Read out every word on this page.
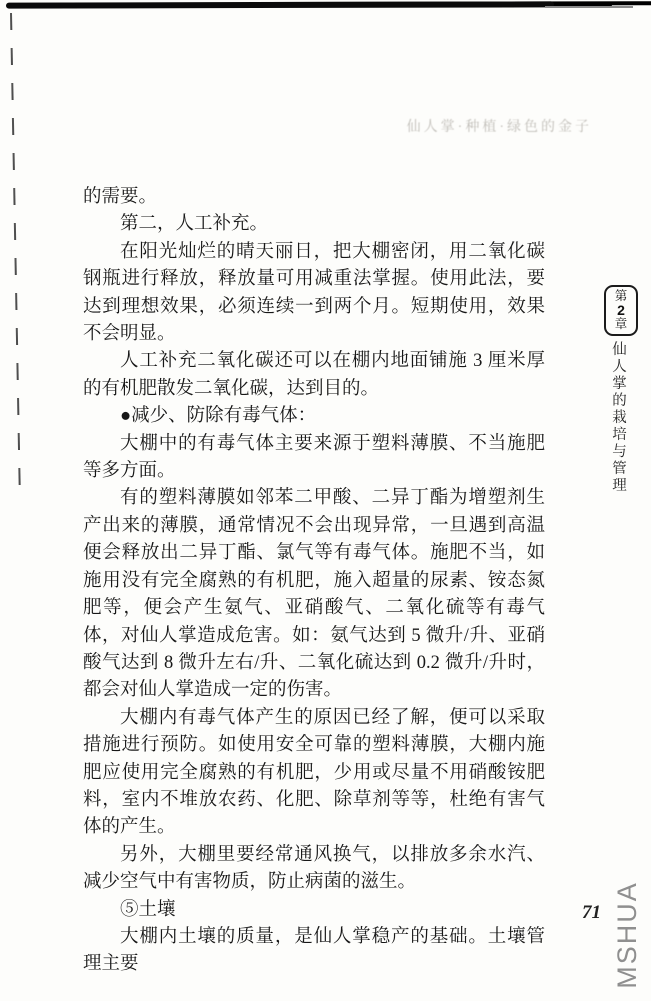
仙人掌·种植·绿色的金子
第
2
章
仙人掌的栽培与管理

的需要。

第二，人工补充。

在阳光灿烂的晴天丽日，把大棚密闭，用二氧化碳钢瓶进行释放，释放量可用减重法掌握。使用此法，要达到理想效果，必须连续一到两个月。短期使用，效果不会明显。

人工补充二氧化碳还可以在棚内地面铺施 3 厘米厚的有机肥散发二氧化碳，达到目的。

●减少、防除有毒气体：

大棚中的有毒气体主要来源于塑料薄膜、不当施肥等多方面。

有的塑料薄膜如邻苯二甲酸、二异丁酯为增塑剂生产出来的薄膜，通常情况不会出现异常，一旦遇到高温便会释放出二异丁酯、氯气等有毒气体。施肥不当，如施用没有完全腐熟的有机肥，施入超量的尿素、铵态氮肥等，便会产生氨气、亚硝酸气、二氧化硫等有毒气体，对仙人掌造成危害。如：氨气达到 5 微升/升、亚硝酸气达到 8 微升左右/升、二氧化硫达到 0.2 微升/升时，都会对仙人掌造成一定的伤害。

大棚内有毒气体产生的原因已经了解，便可以采取措施进行预防。如使用安全可靠的塑料薄膜，大棚内施肥应使用完全腐熟的有机肥，少用或尽量不用硝酸铵肥料，室内不堆放农药、化肥、除草剂等等，杜绝有害气体的产生。

另外，大棚里要经常通风换气，以排放多余水汽、减少空气中有害物质，防止病菌的滋生。

⑤土壤

大棚内土壤的质量，是仙人掌稳产的基础。土壤管理主要

71 MSHUA
